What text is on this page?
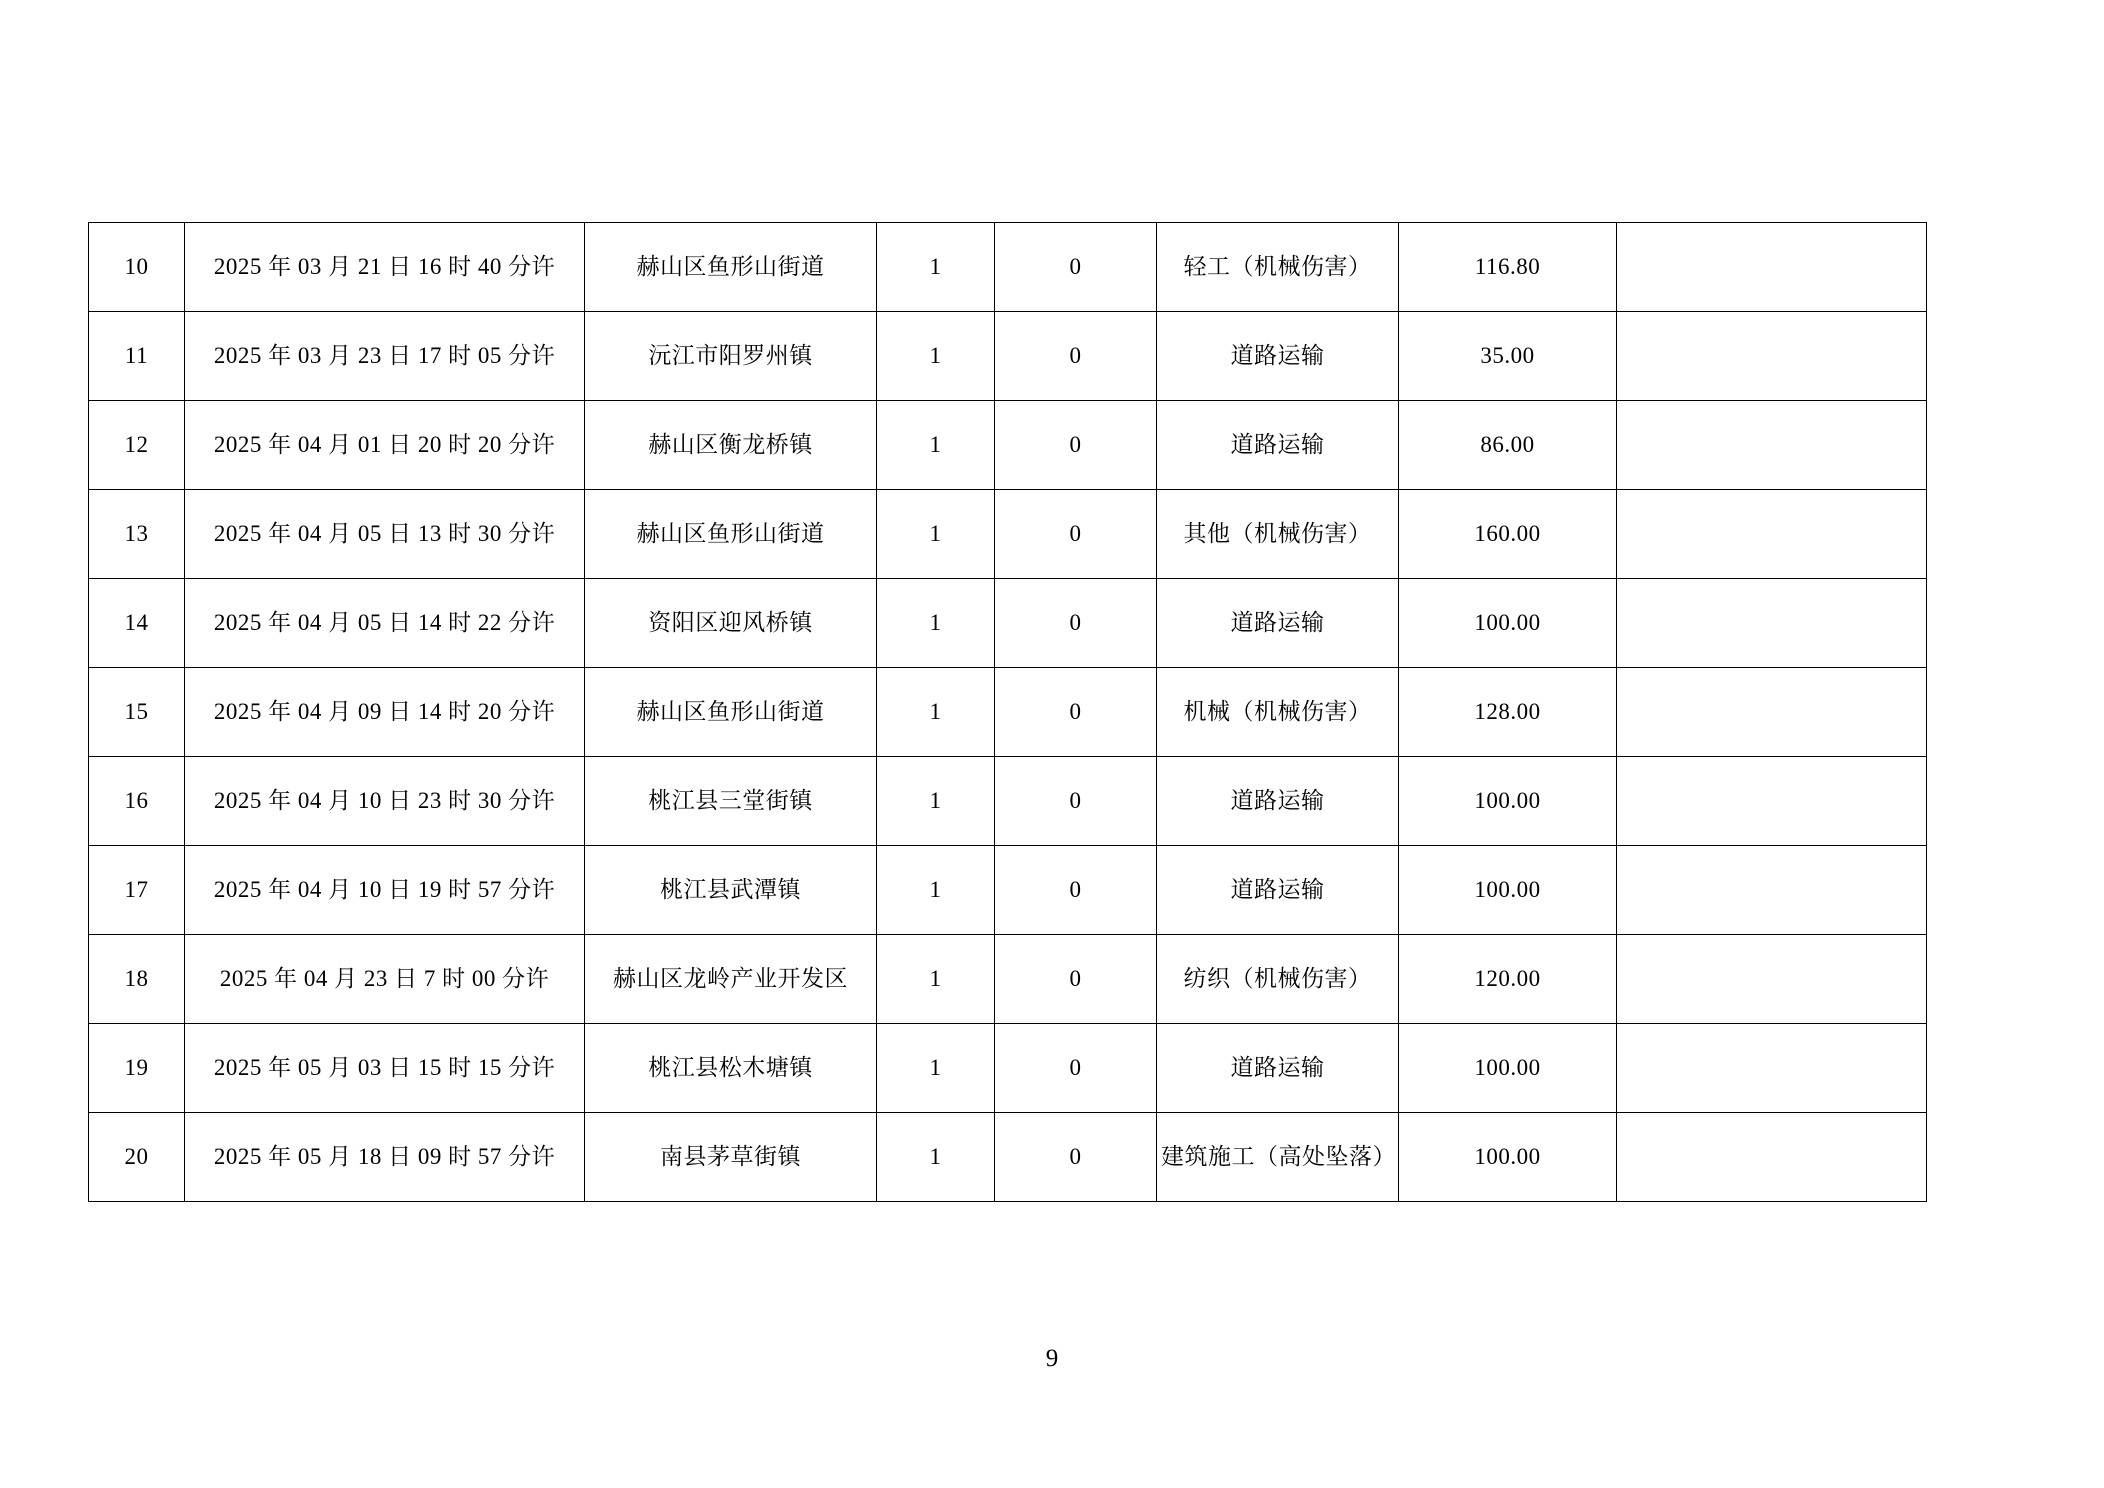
10	2025 年 03 月 21 日 16 时 40 分许	赫山区鱼形山街道	1	0	轻工（机械伤害）	116.80	
11	2025 年 03 月 23 日 17 时 05 分许	沅江市阳罗州镇	1	0	道路运输	35.00	
12	2025 年 04 月 01 日 20 时 20 分许	赫山区衡龙桥镇	1	0	道路运输	86.00	
13	2025 年 04 月 05 日 13 时 30 分许	赫山区鱼形山街道	1	0	其他（机械伤害）	160.00	
14	2025 年 04 月 05 日 14 时 22 分许	资阳区迎风桥镇	1	0	道路运输	100.00	
15	2025 年 04 月 09 日 14 时 20 分许	赫山区鱼形山街道	1	0	机械（机械伤害）	128.00	
16	2025 年 04 月 10 日 23 时 30 分许	桃江县三堂街镇	1	0	道路运输	100.00	
17	2025 年 04 月 10 日 19 时 57 分许	桃江县武潭镇	1	0	道路运输	100.00	
18	2025 年 04 月 23 日 7 时 00 分许	赫山区龙岭产业开发区	1	0	纺织（机械伤害）	120.00	
19	2025 年 05 月 03 日 15 时 15 分许	桃江县松木塘镇	1	0	道路运输	100.00	
20	2025 年 05 月 18 日 09 时 57 分许	南县茅草街镇	1	0	建筑施工（高处坠落）	100.00	
9
